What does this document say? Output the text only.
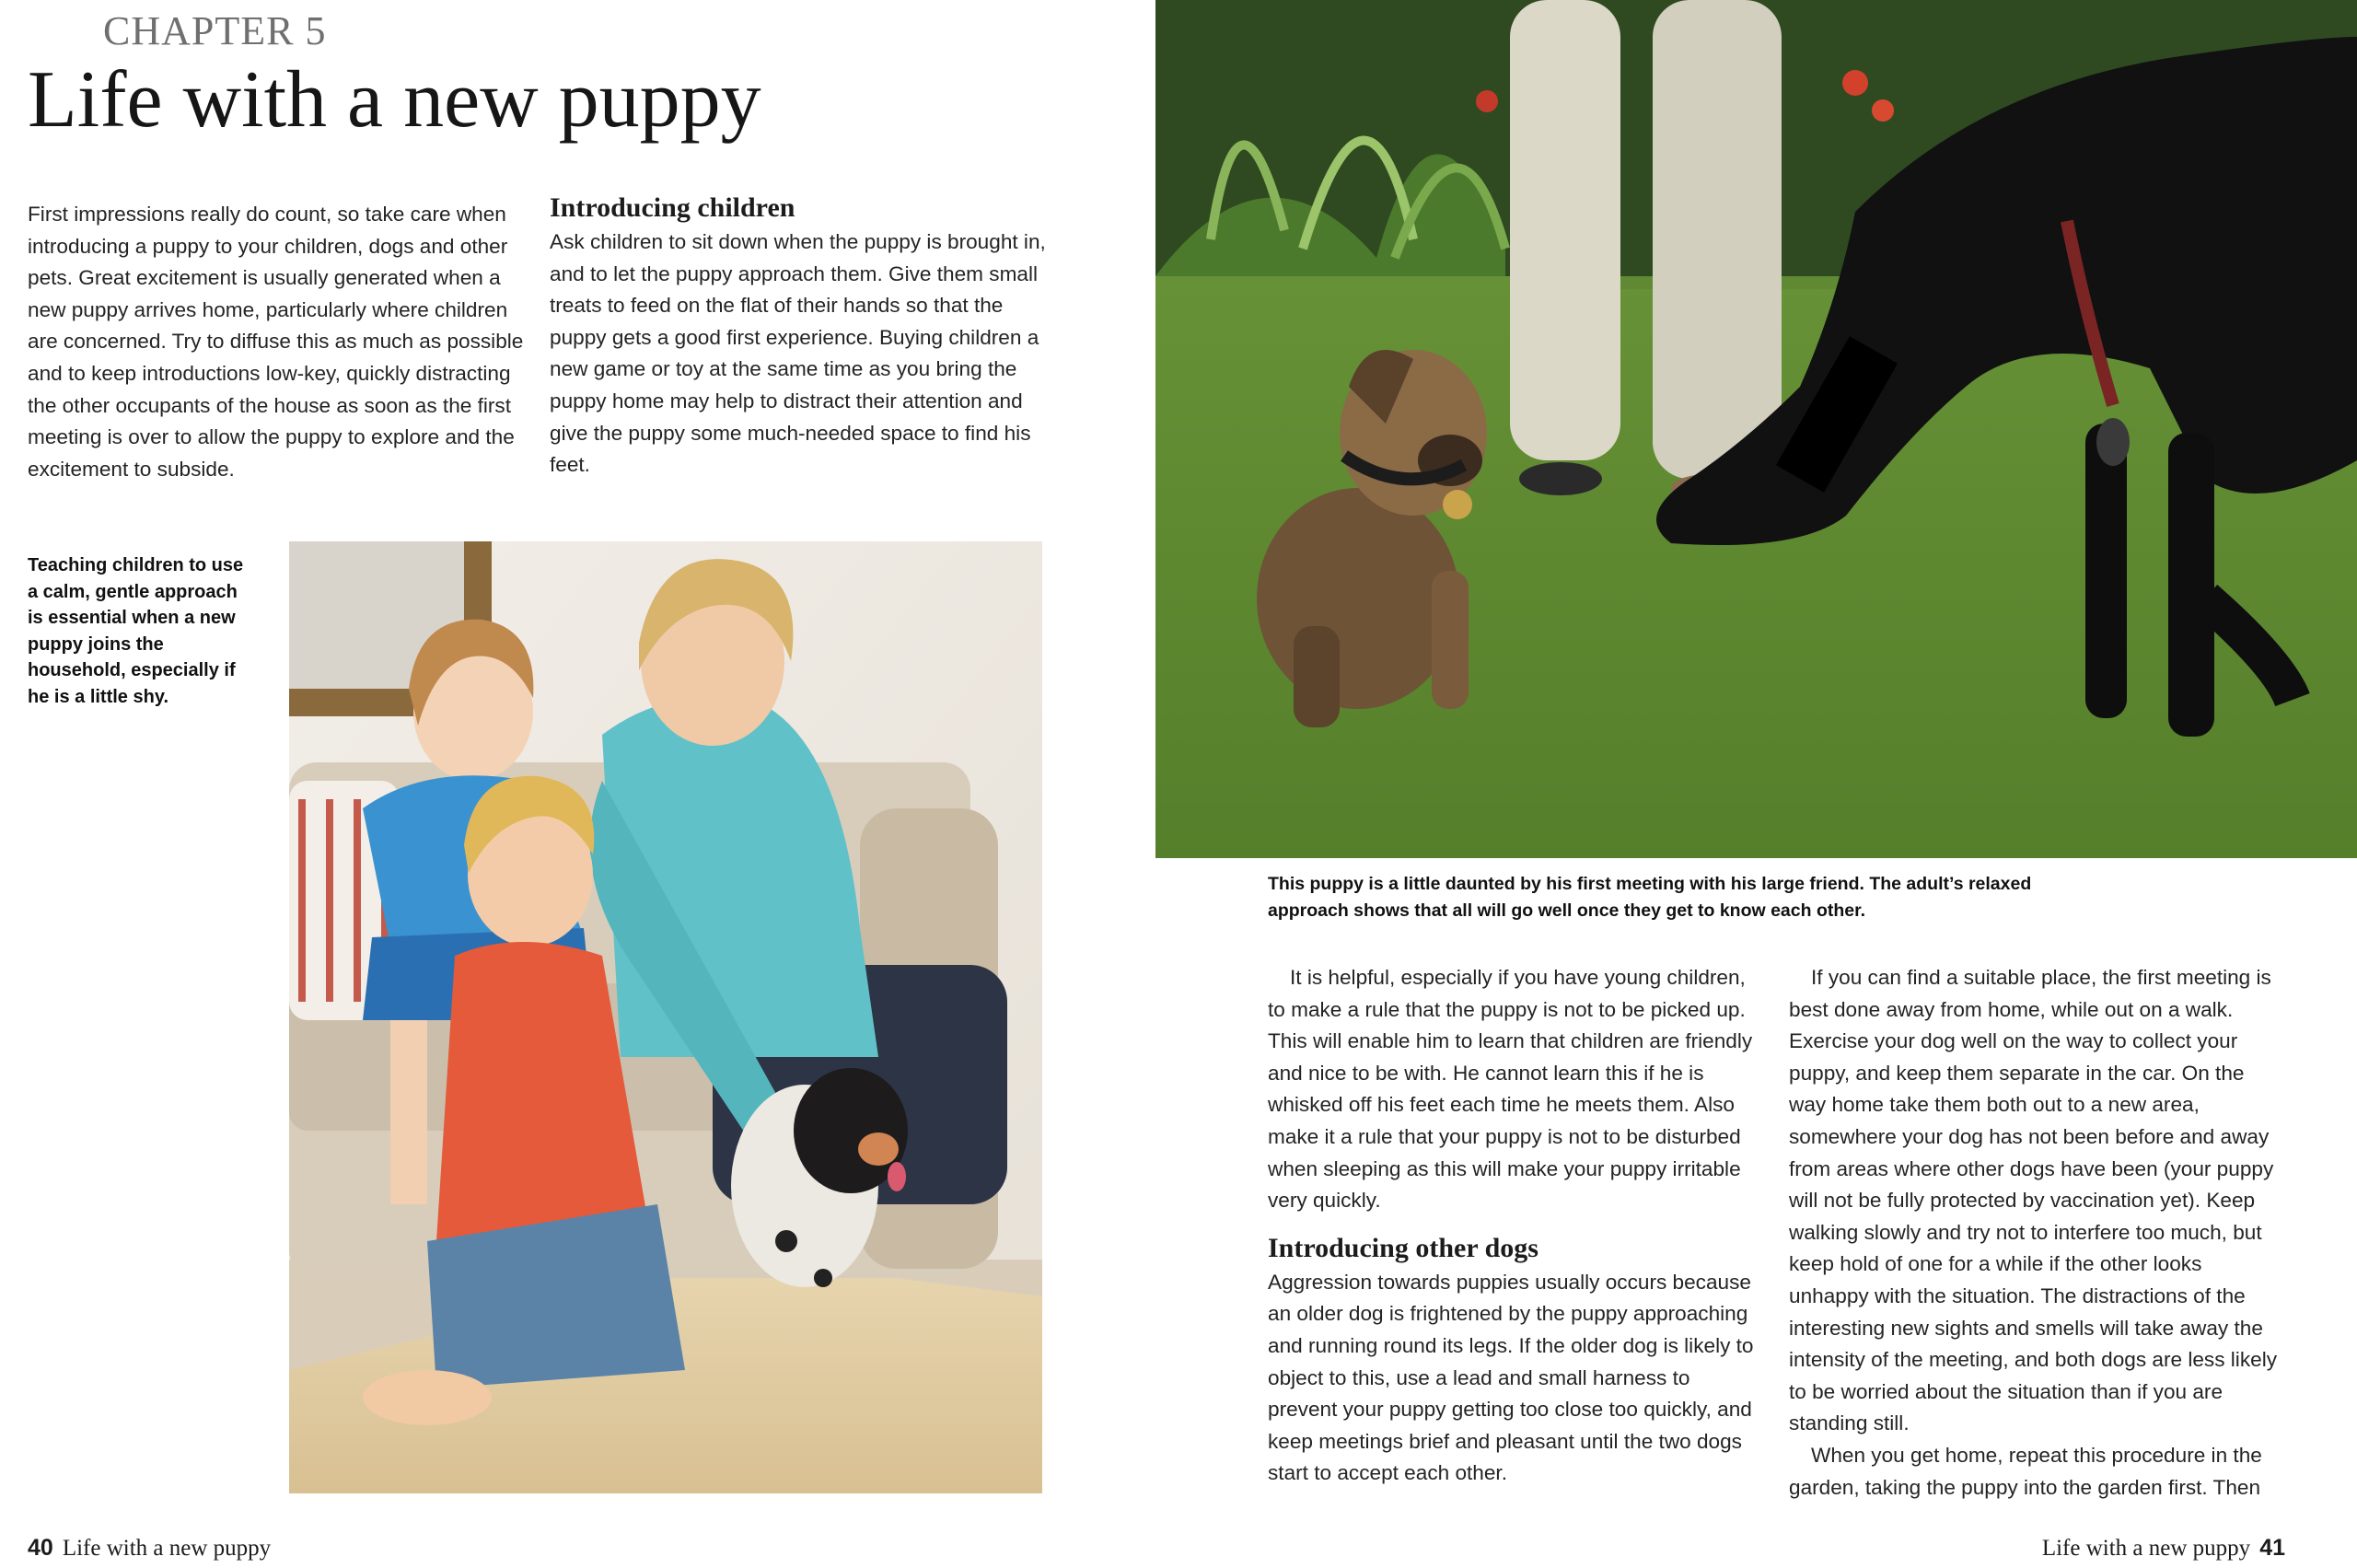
CHAPTER 5
Life with a new puppy

First impressions really do count, so take care when introducing a puppy to your children, dogs and other pets. Great excitement is usually generated when a new puppy arrives home, particularly where children are concerned. Try to diffuse this as much as possible and to keep introductions low-key, quickly distracting the other occupants of the house as soon as the first meeting is over to allow the puppy to explore and the excitement to subside.

Introducing children

Ask children to sit down when the puppy is brought in, and to let the puppy approach them. Give them small treats to feed on the flat of their hands so that the puppy gets a good first experience. Buying children a new game or toy at the same time as you bring the puppy home may help to distract their attention and give the puppy some much-needed space to find his feet.

Teaching children to use a calm, gentle approach is essential when a new puppy joins the household, especially if he is a little shy.
This puppy is a little daunted by his first meeting with his large friend. The adult’s relaxed approach shows that all will go well once they get to know each other.

It is helpful, especially if you have young children, to make a rule that the puppy is not to be picked up. This will enable him to learn that children are friendly and nice to be with. He cannot learn this if he is whisked off his feet each time he meets them. Also make it a rule that your puppy is not to be disturbed when sleeping as this will make your puppy irritable very quickly.

Introducing other dogs

Aggression towards puppies usually occurs because an older dog is frightened by the puppy approaching and running round its legs. If the older dog is likely to object to this, use a lead and small harness to prevent your puppy getting too close too quickly, and keep meetings brief and pleasant until the two dogs start to accept each other.

If you can find a suitable place, the first meeting is best done away from home, while out on a walk. Exercise your dog well on the way to collect your puppy, and keep them separate in the car. On the way home take them both out to a new area, somewhere your dog has not been before and away from areas where other dogs have been (your puppy will not be fully protected by vaccination yet). Keep walking slowly and try not to interfere too much, but keep hold of one for a while if the other looks unhappy with the situation. The distractions of the interesting new sights and smells will take away the intensity of the meeting, and both dogs are less likely to be worried about the situation than if you are standing still.

When you get home, repeat this procedure in the garden, taking the puppy into the garden first. Then

40 Life with a new puppy	Life with a new puppy 41
